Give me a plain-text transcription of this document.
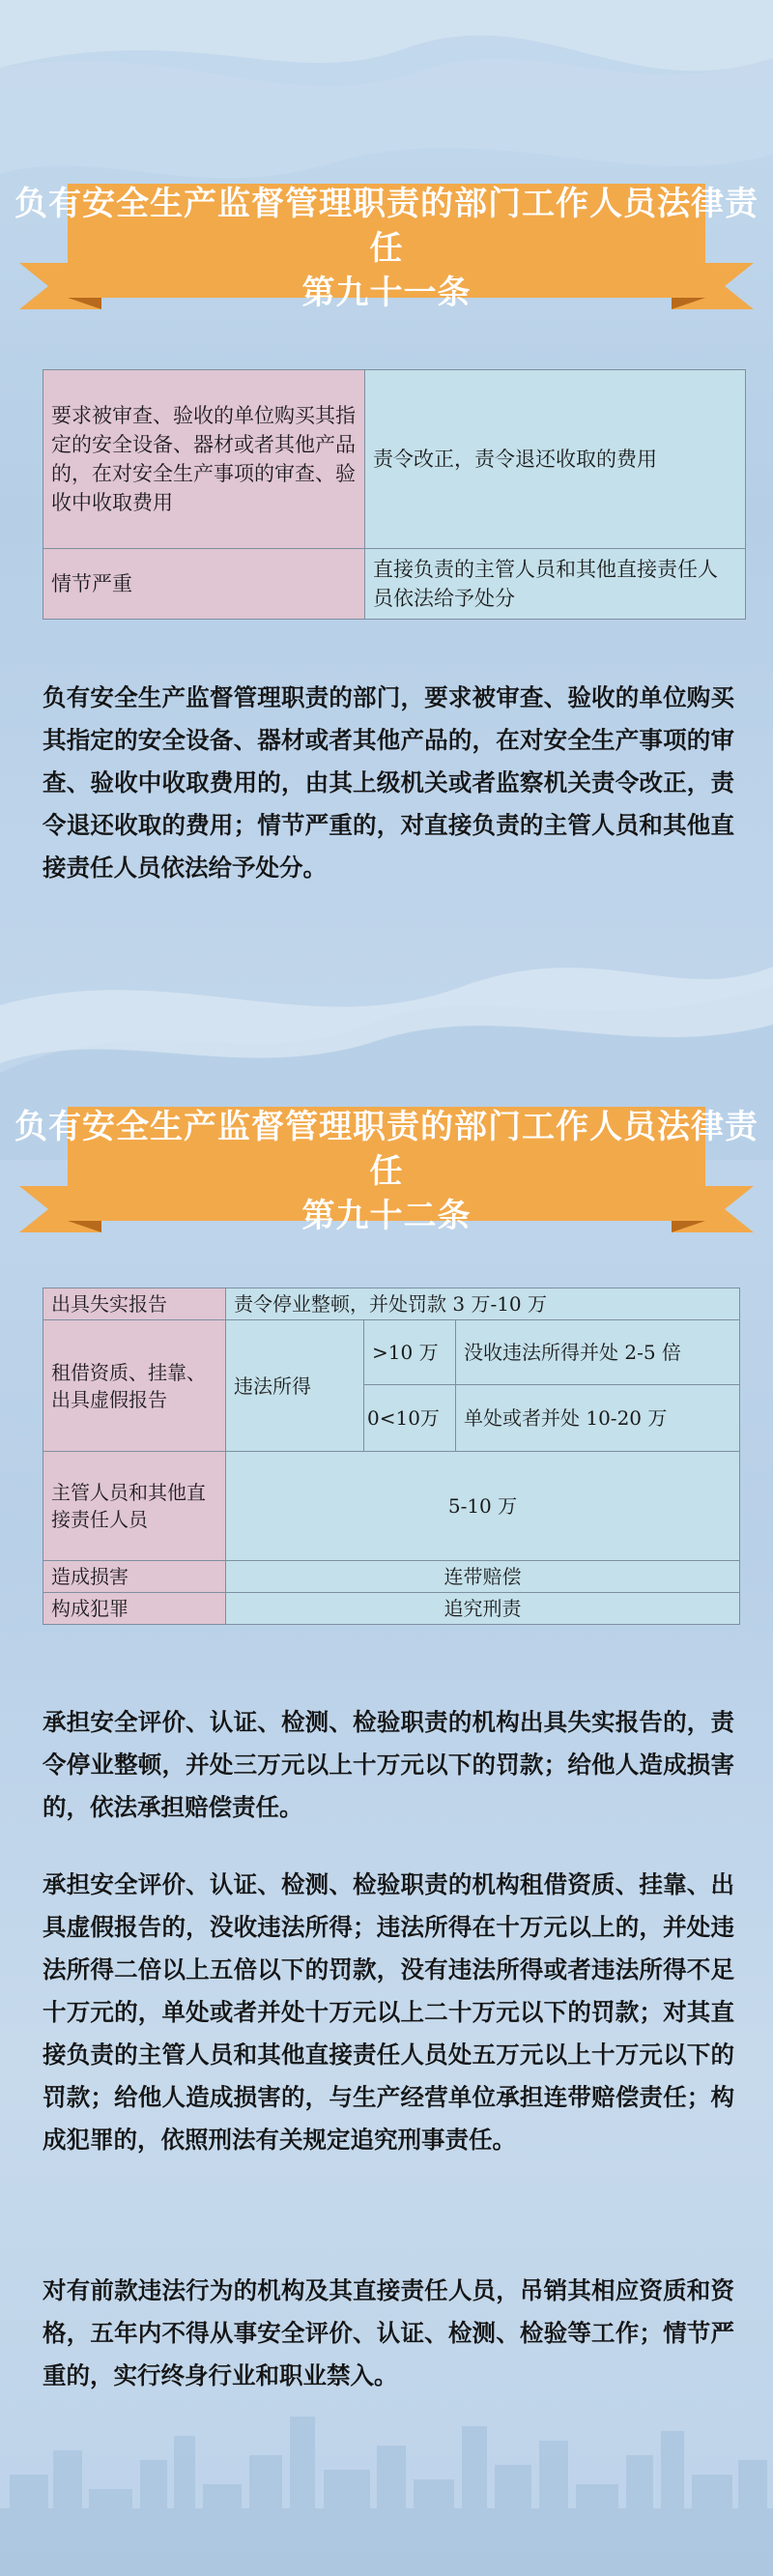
负有安全生产监督管理职责的部门工作人员法律责任
第九十一条
要求被审查、验收的单位购买其指定的安全设备、器材或者其他产品的，在对安全生产事项的审查、验收中收取费用	责令改正，责令退还收取的费用
情节严重	直接负责的主管人员和其他直接责任人员依法给予处分
负有安全生产监督管理职责的部门，要求被审查、验收的单位购买其指定的安全设备、器材或者其他产品的，在对安全生产事项的审查、验收中收取费用的，由其上级机关或者监察机关责令改正，责令退还收取的费用；情节严重的，对直接负责的主管人员和其他直接责任人员依法给予处分。
负有安全生产监督管理职责的部门工作人员法律责任
第九十二条
出具失实报告	责令停业整顿，并处罚款 3 万-10 万		
租借资质、挂靠、出具虚假报告	违法所得	>10 万	没收违法所得并处 2-5 倍
		0<10万	单处或者并处 10-20 万
主管人员和其他直接责任人员	5-10 万		
造成损害	连带赔偿		
构成犯罪	追究刑责		
承担安全评价、认证、检测、检验职责的机构出具失实报告的，责令停业整顿，并处三万元以上十万元以下的罚款；给他人造成损害的，依法承担赔偿责任。
承担安全评价、认证、检测、检验职责的机构租借资质、挂靠、出具虚假报告的，没收违法所得；违法所得在十万元以上的，并处违法所得二倍以上五倍以下的罚款，没有违法所得或者违法所得不足十万元的，单处或者并处十万元以上二十万元以下的罚款；对其直接负责的主管人员和其他直接责任人员处五万元以上十万元以下的罚款；给他人造成损害的，与生产经营单位承担连带赔偿责任；构成犯罪的，依照刑法有关规定追究刑事责任。
对有前款违法行为的机构及其直接责任人员，吊销其相应资质和资格，五年内不得从事安全评价、认证、检测、检验等工作；情节严重的，实行终身行业和职业禁入。
